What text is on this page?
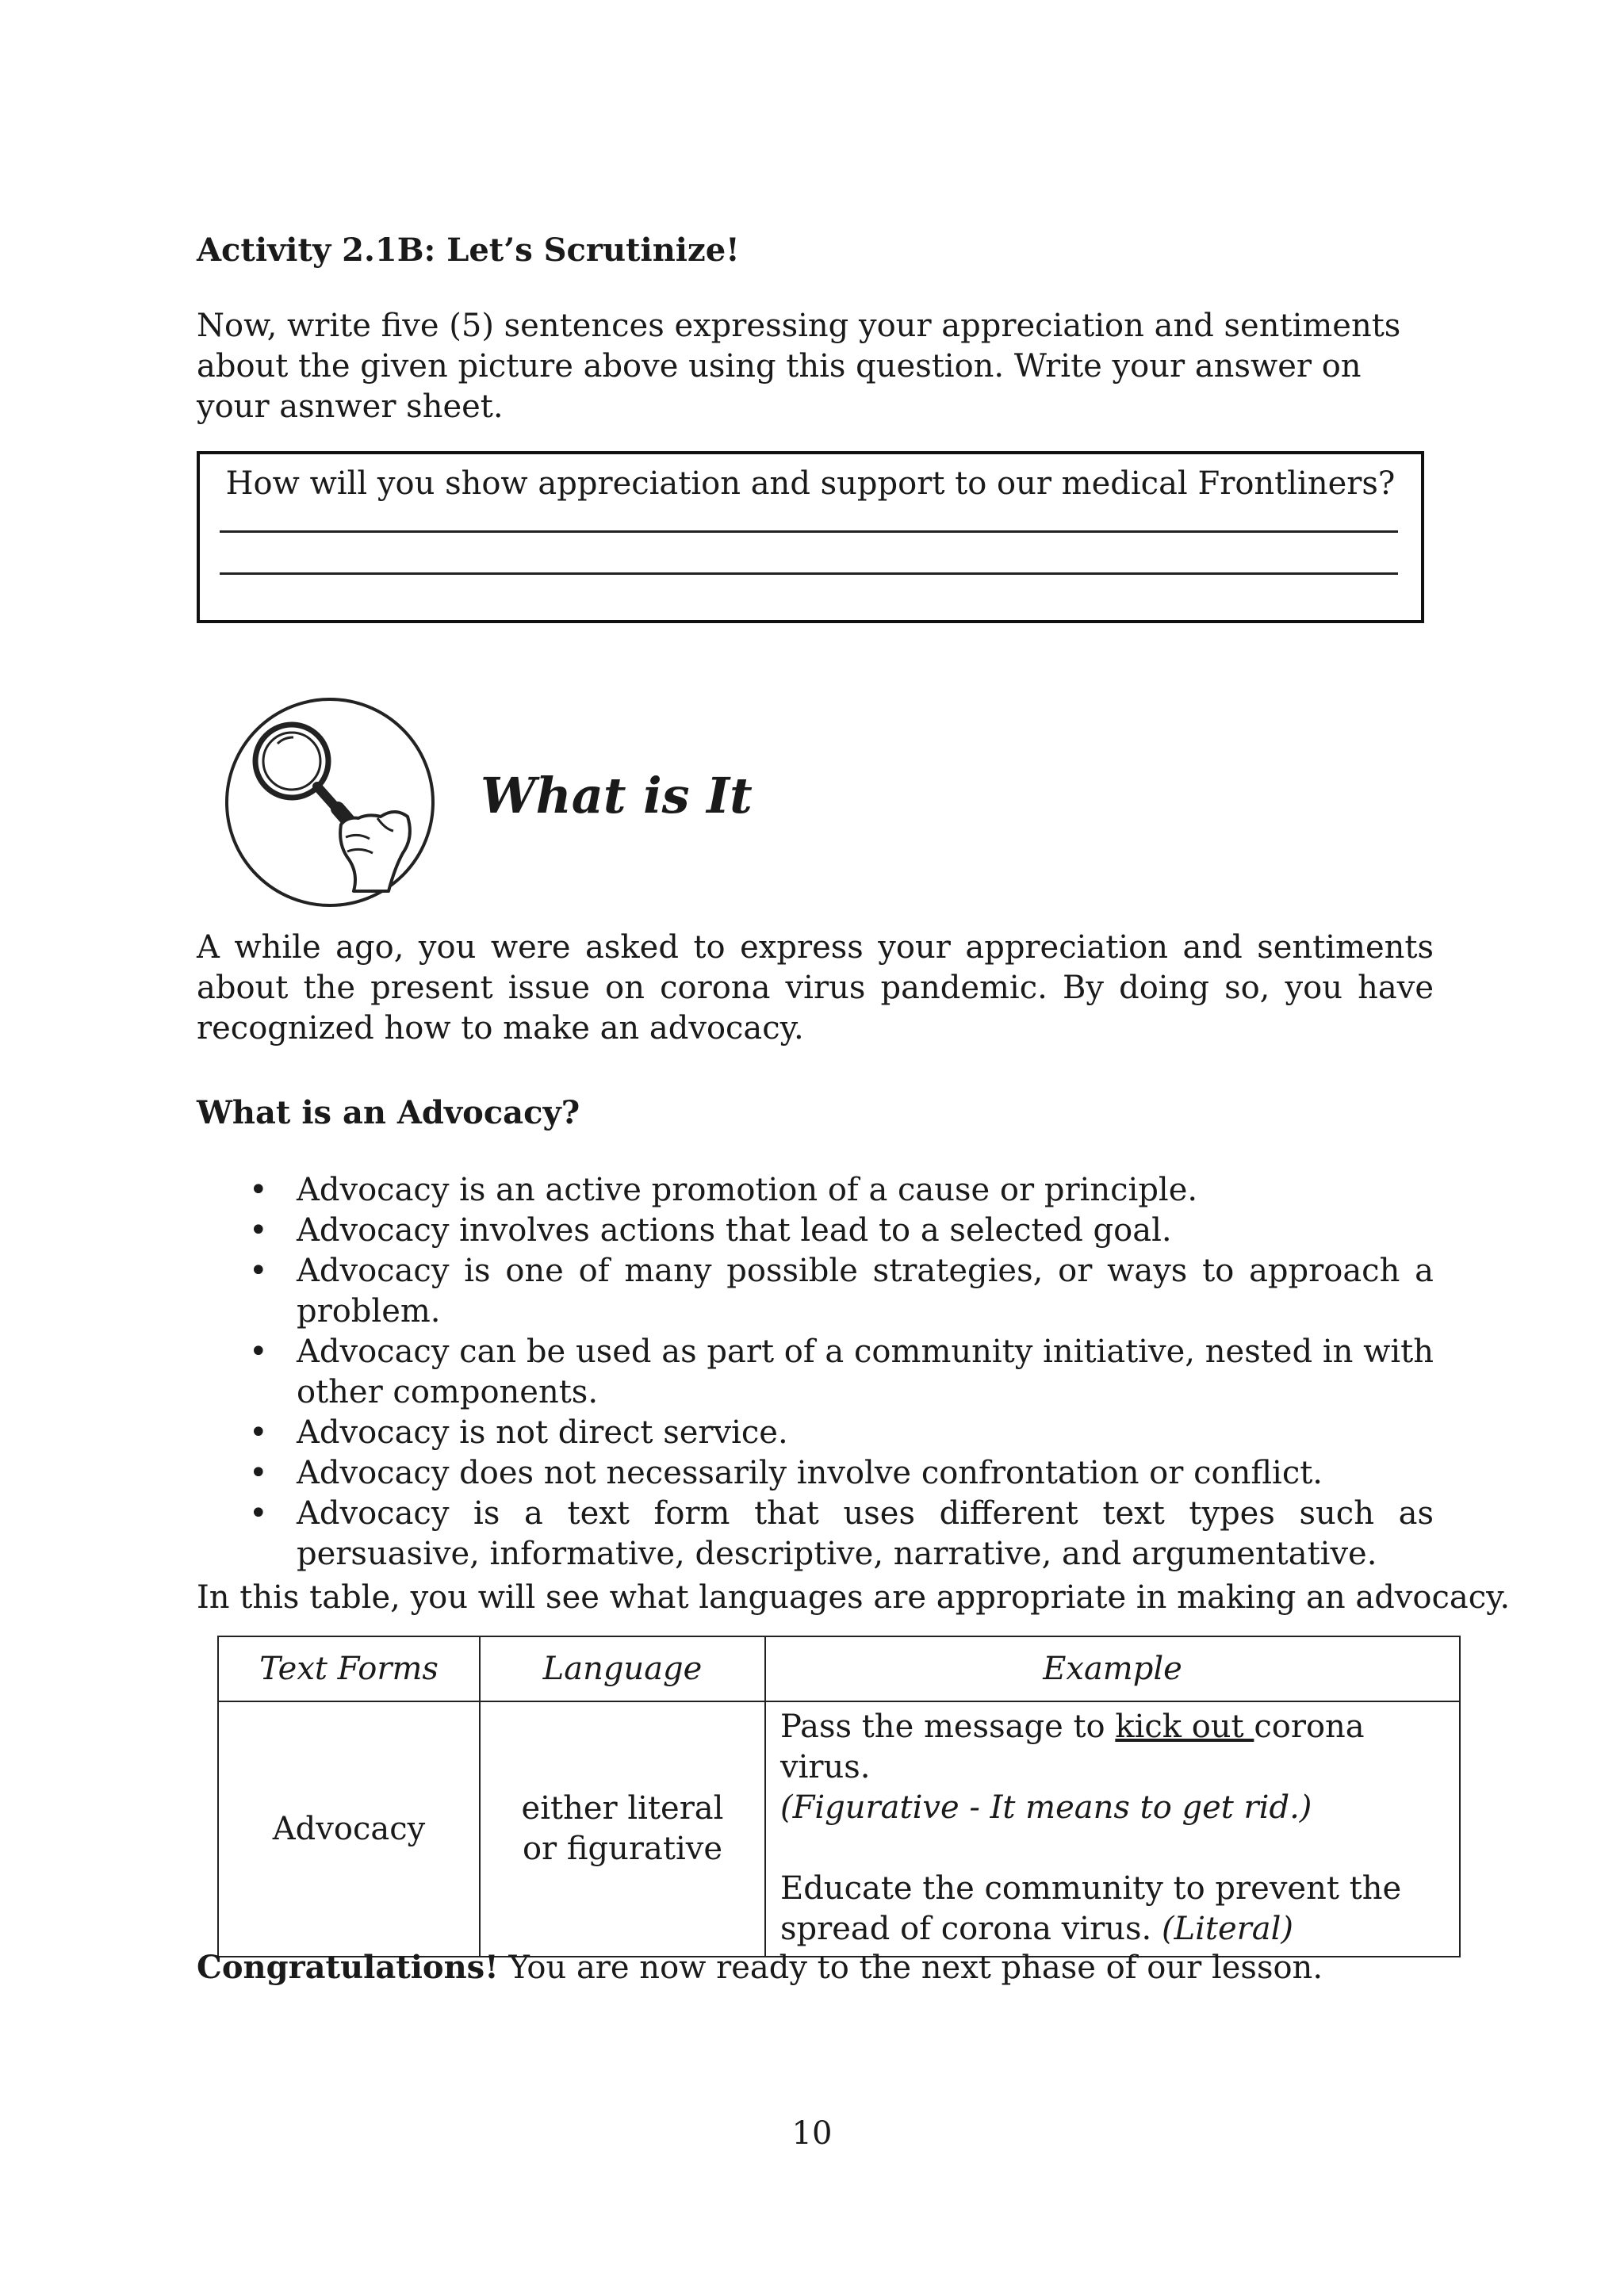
Activity 2.1B: Let’s Scrutinize!
Now, write five (5) sentences expressing your appreciation and sentiments about the given picture above using this question. Write your answer on your asnwer sheet.
How will you show appreciation and support to our medical Frontliners?
What is It
A while ago, you were asked to express your appreciation and sentiments about the present issue on corona virus pandemic. By doing so, you have recognized how to make an advocacy.
What is an Advocacy?
• Advocacy is an active promotion of a cause or principle.
• Advocacy involves actions that lead to a selected goal.
• Advocacy is one of many possible strategies, or ways to approach a problem.
• Advocacy can be used as part of a community initiative, nested in with other components.
• Advocacy is not direct service.
• Advocacy does not necessarily involve confrontation or conflict.
• Advocacy is a text form that uses different text types such as persuasive, informative, descriptive, narrative, and argumentative.
In this table, you will see what languages are appropriate in making an advocacy.
Text Forms	Language	Example
Advocacy	either literal or figurative	Pass the message to kick out corona virus.
(Figurative - It means to get rid.)
Educate the community to prevent the spread of corona virus. (Literal)
Congratulations! You are now ready to the next phase of our lesson.
10
